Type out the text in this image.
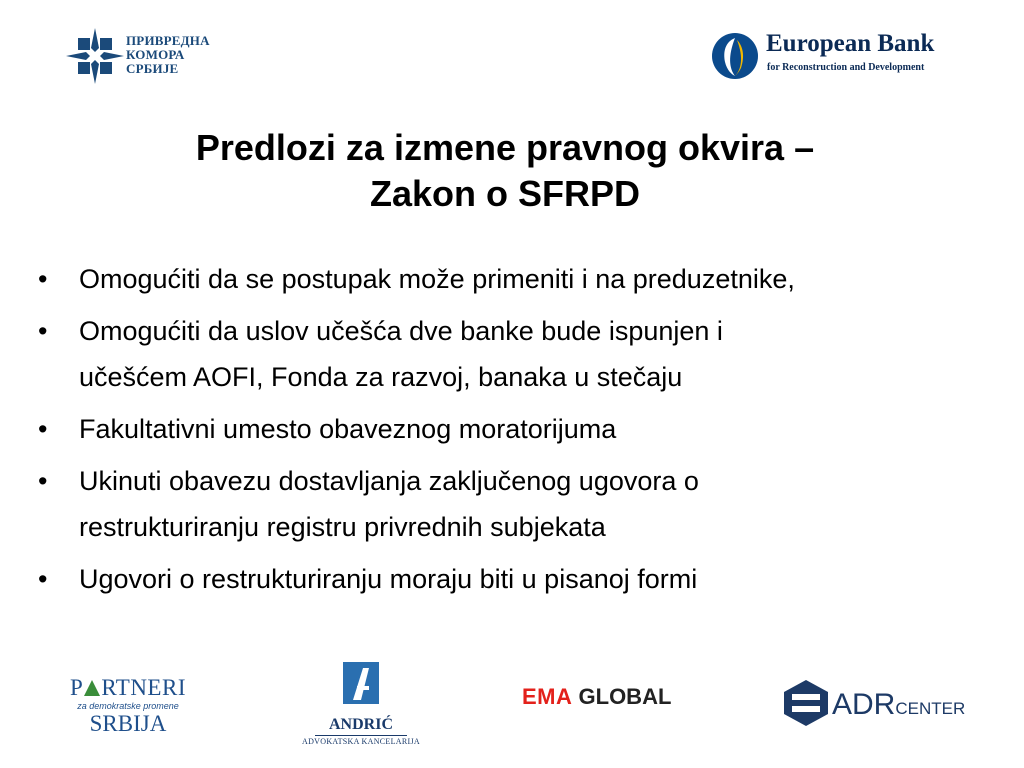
ПРИВРЕДНА
КОМОРА
СРБИЈЕ
European Bank
for Reconstruction and Development
Predlozi za izmene pravnog okvira –
Zakon o SFRPD
• Omogućiti da se postupak može primeniti i na preduzetnike,
• Omogućiti da uslov učešća dve banke bude ispunjen i
učešćem AOFI, Fonda za razvoj, banaka u stečaju
• Fakultativni umesto obaveznog moratorijuma
• Ukinuti obavezu dostavljanja zaključenog ugovora o
restrukturiranju registru privrednih subjekata
• Ugovori o restrukturiranju moraju biti u pisanoj formi
P RTNERI
za demokratske promene
SRBIJA	ANDRIĆ
ADVOKATSKA KANCELARIJA
EMA GLOBAL	ADRCENTER
